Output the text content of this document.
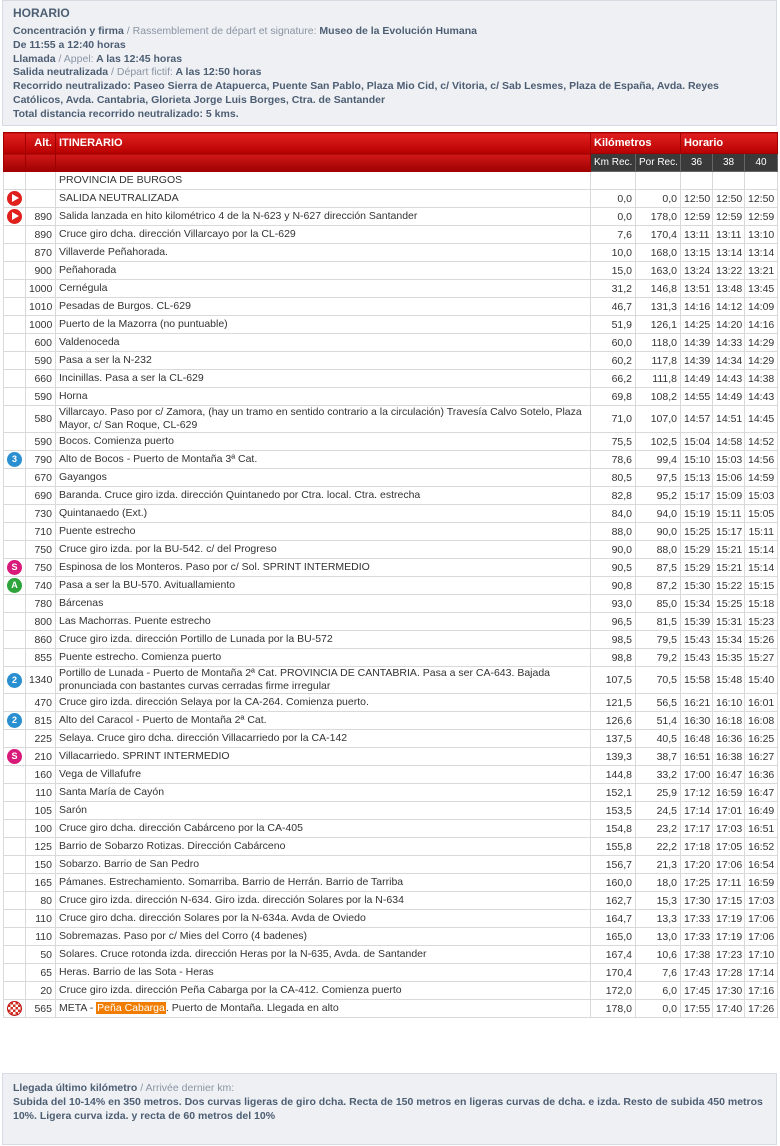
HORARIO
Concentración y firma / Rassemblement de départ et signature: Museo de la Evolución Humana
De 11:55 a 12:40 horas
Llamada / Appel: A las 12:45 horas
Salida neutralizada / Départ fictif: A las 12:50 horas
Recorrido neutralizado: Paseo Sierra de Atapuerca, Puente San Pablo, Plaza Mio Cid, c/ Vitoria, c/ Sab Lesmes, Plaza de España, Avda. Reyes Católicos, Avda. Cantabria, Glorieta Jorge Luis Borges, Ctra. de Santander
Total distancia recorrido neutralizado: 5 kms.
	Alt.	ITINERARIO	Kilómetros		Horario		
			Km Rec.	Por Rec.	36	38	40
		PROVINCIA DE BURGOS					
		SALIDA NEUTRALIZADA	0,0	0,0	12:50	12:50	12:50
	890	Salida lanzada en hito kilométrico 4 de la N-623 y N-627 dirección Santander	0,0	178,0	12:59	12:59	12:59
	890	Cruce giro dcha. dirección Villarcayo por la CL-629	7,6	170,4	13:11	13:11	13:10
	870	Villaverde Peñahorada.	10,0	168,0	13:15	13:14	13:14
	900	Peñahorada	15,0	163,0	13:24	13:22	13:21
	1000	Cernégula	31,2	146,8	13:51	13:48	13:45
	1010	Pesadas de Burgos. CL-629	46,7	131,3	14:16	14:12	14:09
	1000	Puerto de la Mazorra (no puntuable)	51,9	126,1	14:25	14:20	14:16
	600	Valdenoceda	60,0	118,0	14:39	14:33	14:29
	590	Pasa a ser la N-232	60,2	117,8	14:39	14:34	14:29
	660	Incinillas. Pasa a ser la CL-629	66,2	111,8	14:49	14:43	14:38
	590	Horna	69,8	108,2	14:55	14:49	14:43
	580	Villarcayo. Paso por c/ Zamora, (hay un tramo en sentido contrario a la circulación) Travesía Calvo Sotelo, Plaza Mayor, c/ San Roque, CL-629	71,0	107,0	14:57	14:51	14:45
	590	Bocos. Comienza puerto	75,5	102,5	15:04	14:58	14:52
3	790	Alto de Bocos - Puerto de Montaña 3ª Cat.	78,6	99,4	15:10	15:03	14:56
	670	Gayangos	80,5	97,5	15:13	15:06	14:59
	690	Baranda. Cruce giro izda. dirección Quintanedo por Ctra. local. Ctra. estrecha	82,8	95,2	15:17	15:09	15:03
	730	Quintanaedo (Ext.)	84,0	94,0	15:19	15:11	15:05
	710	Puente estrecho	88,0	90,0	15:25	15:17	15:11
	750	Cruce giro izda. por la BU-542. c/ del Progreso	90,0	88,0	15:29	15:21	15:14
S	750	Espinosa de los Monteros. Paso por c/ Sol. SPRINT INTERMEDIO	90,5	87,5	15:29	15:21	15:14
A	740	Pasa a ser la BU-570. Avituallamiento	90,8	87,2	15:30	15:22	15:15
	780	Bárcenas	93,0	85,0	15:34	15:25	15:18
	800	Las Machorras. Puente estrecho	96,5	81,5	15:39	15:31	15:23
	860	Cruce giro izda. dirección Portillo de Lunada por la BU-572	98,5	79,5	15:43	15:34	15:26
	855	Puente estrecho. Comienza puerto	98,8	79,2	15:43	15:35	15:27
2	1340	Portillo de Lunada - Puerto de Montaña 2ª Cat. PROVINCIA DE CANTABRIA. Pasa a ser CA-643. Bajada pronunciada con bastantes curvas cerradas firme irregular	107,5	70,5	15:58	15:48	15:40
	470	Cruce giro izda. dirección Selaya por la CA-264. Comienza puerto.	121,5	56,5	16:21	16:10	16:01
2	815	Alto del Caracol - Puerto de Montaña 2ª Cat.	126,6	51,4	16:30	16:18	16:08
	225	Selaya. Cruce giro dcha. dirección Villacarriedo por la CA-142	137,5	40,5	16:48	16:36	16:25
S	210	Villacarriedo. SPRINT INTERMEDIO	139,3	38,7	16:51	16:38	16:27
	160	Vega de Villafufre	144,8	33,2	17:00	16:47	16:36
	110	Santa María de Cayón	152,1	25,9	17:12	16:59	16:47
	105	Sarón	153,5	24,5	17:14	17:01	16:49
	100	Cruce giro dcha. dirección Cabárceno por la CA-405	154,8	23,2	17:17	17:03	16:51
	125	Barrio de Sobarzo Rotizas. Dirección Cabárceno	155,8	22,2	17:18	17:05	16:52
	150	Sobarzo. Barrio de San Pedro	156,7	21,3	17:20	17:06	16:54
	165	Pámanes. Estrechamiento. Somarriba. Barrio de Herrán. Barrio de Tarriba	160,0	18,0	17:25	17:11	16:59
	80	Cruce giro izda. dirección N-634. Giro izda. dirección Solares por la N-634	162,7	15,3	17:30	17:15	17:03
	110	Cruce giro dcha. dirección Solares por la N-634a. Avda de Oviedo	164,7	13,3	17:33	17:19	17:06
	110	Sobremazas. Paso por c/ Mies del Corro (4 badenes)	165,0	13,0	17:33	17:19	17:06
	50	Solares. Cruce rotonda izda. dirección Heras por la N-635, Avda. de Santander	167,4	10,6	17:38	17:23	17:10
	65	Heras. Barrio de las Sota - Heras	170,4	7,6	17:43	17:28	17:14
	20	Cruce giro izda. dirección Peña Cabarga por la CA-412. Comienza puerto	172,0	6,0	17:45	17:30	17:16
	565	META - Peña Cabarga. Puerto de Montaña. Llegada en alto	178,0	0,0	17:55	17:40	17:26
Llegada último kilómetro / Arrivée dernier km:
Subida del 10-14% en 350 metros. Dos curvas ligeras de giro dcha. Recta de 150 metros en ligeras curvas de dcha. e izda. Resto de subida 450 metros 10%. Ligera curva izda. y recta de 60 metros del 10%
